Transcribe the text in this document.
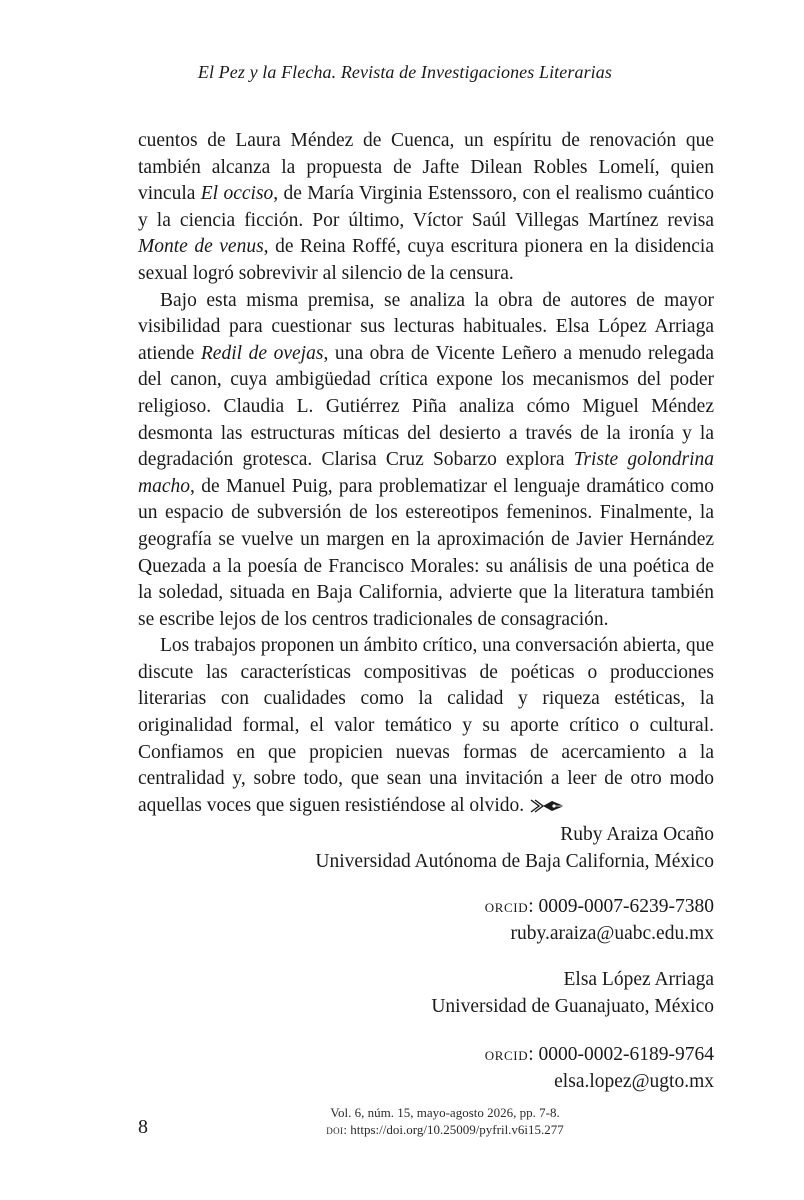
El Pez y la Flecha. Revista de Investigaciones Literarias

cuentos de Laura Méndez de Cuenca, un espíritu de renovación que también alcanza la propuesta de Jafte Dilean Robles Lomelí, quien vincula El occiso, de María Virginia Estenssoro, con el realismo cuántico y la ciencia ficción. Por último, Víctor Saúl Villegas Martínez revisa Monte de venus, de Reina Roffé, cuya escritura pionera en la disidencia sexual logró sobrevivir al silencio de la censura.

Bajo esta misma premisa, se analiza la obra de autores de mayor visibilidad para cuestionar sus lecturas habituales. Elsa López Arriaga atiende Redil de ovejas, una obra de Vicente Leñero a menudo relegada del canon, cuya ambigüedad crítica expone los mecanismos del poder religioso. Claudia L. Gutiérrez Piña analiza cómo Miguel Méndez desmonta las estructuras míticas del desierto a través de la ironía y la degradación grotesca. Clarisa Cruz Sobarzo explora Triste golondrina macho, de Manuel Puig, para problematizar el lenguaje dramático como un espacio de subversión de los estereotipos femeninos. Finalmente, la geografía se vuelve un margen en la aproximación de Javier Hernández Quezada a la poesía de Francisco Morales: su análisis de una poética de la soledad, situada en Baja California, advierte que la literatura también se escribe lejos de los centros tradicionales de consagración.

Los trabajos proponen un ámbito crítico, una conversación abierta, que discute las características compositivas de poéticas o producciones literarias con cualidades como la calidad y riqueza estéticas, la originalidad formal, el valor temático y su aporte crítico o cultural. Confiamos en que propicien nuevas formas de acercamiento a la centralidad y, sobre todo, que sean una invitación a leer de otro modo aquellas voces que siguen resistiéndose al olvido.

Ruby Araiza Ocaño
Universidad Autónoma de Baja California, México
orcid: 0009-0007-6239-7380
ruby.araiza@uabc.edu.mx
Elsa López Arriaga
Universidad de Guanajuato, México
orcid: 0000-0002-6189-9764
elsa.lopez@ugto.mx
8
Vol. 6, núm. 15, mayo-agosto 2026, pp. 7-8.
doi: https://doi.org/10.25009/pyfril.v6i15.277
